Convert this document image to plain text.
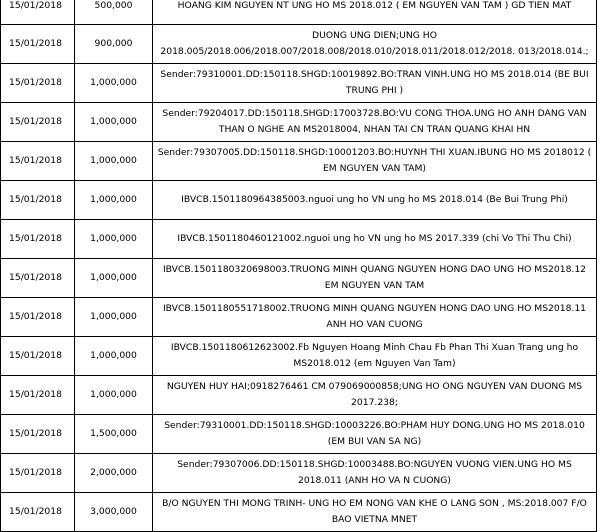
15/01/2018	500,000	HOANG KIM NGUYEN NT UNG HO MS 2018.012 ( EM NGUYEN VAN TAM ) GD TIEN MAT
15/01/2018	900,000	DUONG UNG DIEN;UNG HO 2018.005/2018.006/2018.007/2018.008/2018.010/2018.011/2018.012/2018. 013/2018.014.;
15/01/2018	1,000,000	Sender:79310001.DD:150118.SHGD:10019892.BO:TRAN VINH.UNG HO MS 2018.014 (BE BUI TRUNG PHI )
15/01/2018	1,000,000	Sender:79204017.DD:150118.SHGD:17003728.BO:VU CONG THOA.UNG HO ANH DANG VAN THAN O NGHE AN MS2018004, NHAN TAI CN TRAN QUANG KHAI HN
15/01/2018	1,000,000	Sender:79307005.DD:150118.SHGD:10001203.BO:HUYNH THI XUAN.IBUNG HO MS 2018012 ( EM NGUYEN VAN TAM)
15/01/2018	1,000,000	IBVCB.1501180964385003.nguoi ung ho VN ung ho MS 2018.014 (Be Bui Trung Phi)
15/01/2018	1,000,000	IBVCB.1501180460121002.nguoi ung ho VN ung ho MS 2017.339 (chi Vo Thi Thu Chi)
15/01/2018	1,000,000	IBVCB.1501180320698003.TRUONG MINH QUANG NGUYEN HONG DAO UNG HO MS2018.12 EM NGUYEN VAN TAM
15/01/2018	1,000,000	IBVCB.1501180551718002.TRUONG MINH QUANG NGUYEN HONG DAO UNG HO MS2018.11 ANH HO VAN CUONG
15/01/2018	1,000,000	IBVCB.1501180612623002.Fb Nguyen Hoang Minh Chau Fb Phan Thi Xuan Trang ung ho MS2018.012 (em Nguyen Van Tam)
15/01/2018	1,000,000	NGUYEN HUY HAI;0918276461 CM 079069000858;UNG HO ONG NGUYEN VAN DUONG MS 2017.238;
15/01/2018	1,500,000	Sender:79310001.DD:150118.SHGD:10003226.BO:PHAM HUY DONG.UNG HO MS 2018.010 (EM BUI VAN SA NG)
15/01/2018	2,000,000	Sender:79307006.DD:150118.SHGD:10003488.BO:NGUYEN VUONG VIEN.UNG HO MS 2018.011 (ANH HO VA N CUONG)
15/01/2018	3,000,000	B/O NGUYEN THI MONG TRINH- UNG HO EM NONG VAN KHE O LANG SON , MS:2018.007 F/O BAO VIETNA MNET
